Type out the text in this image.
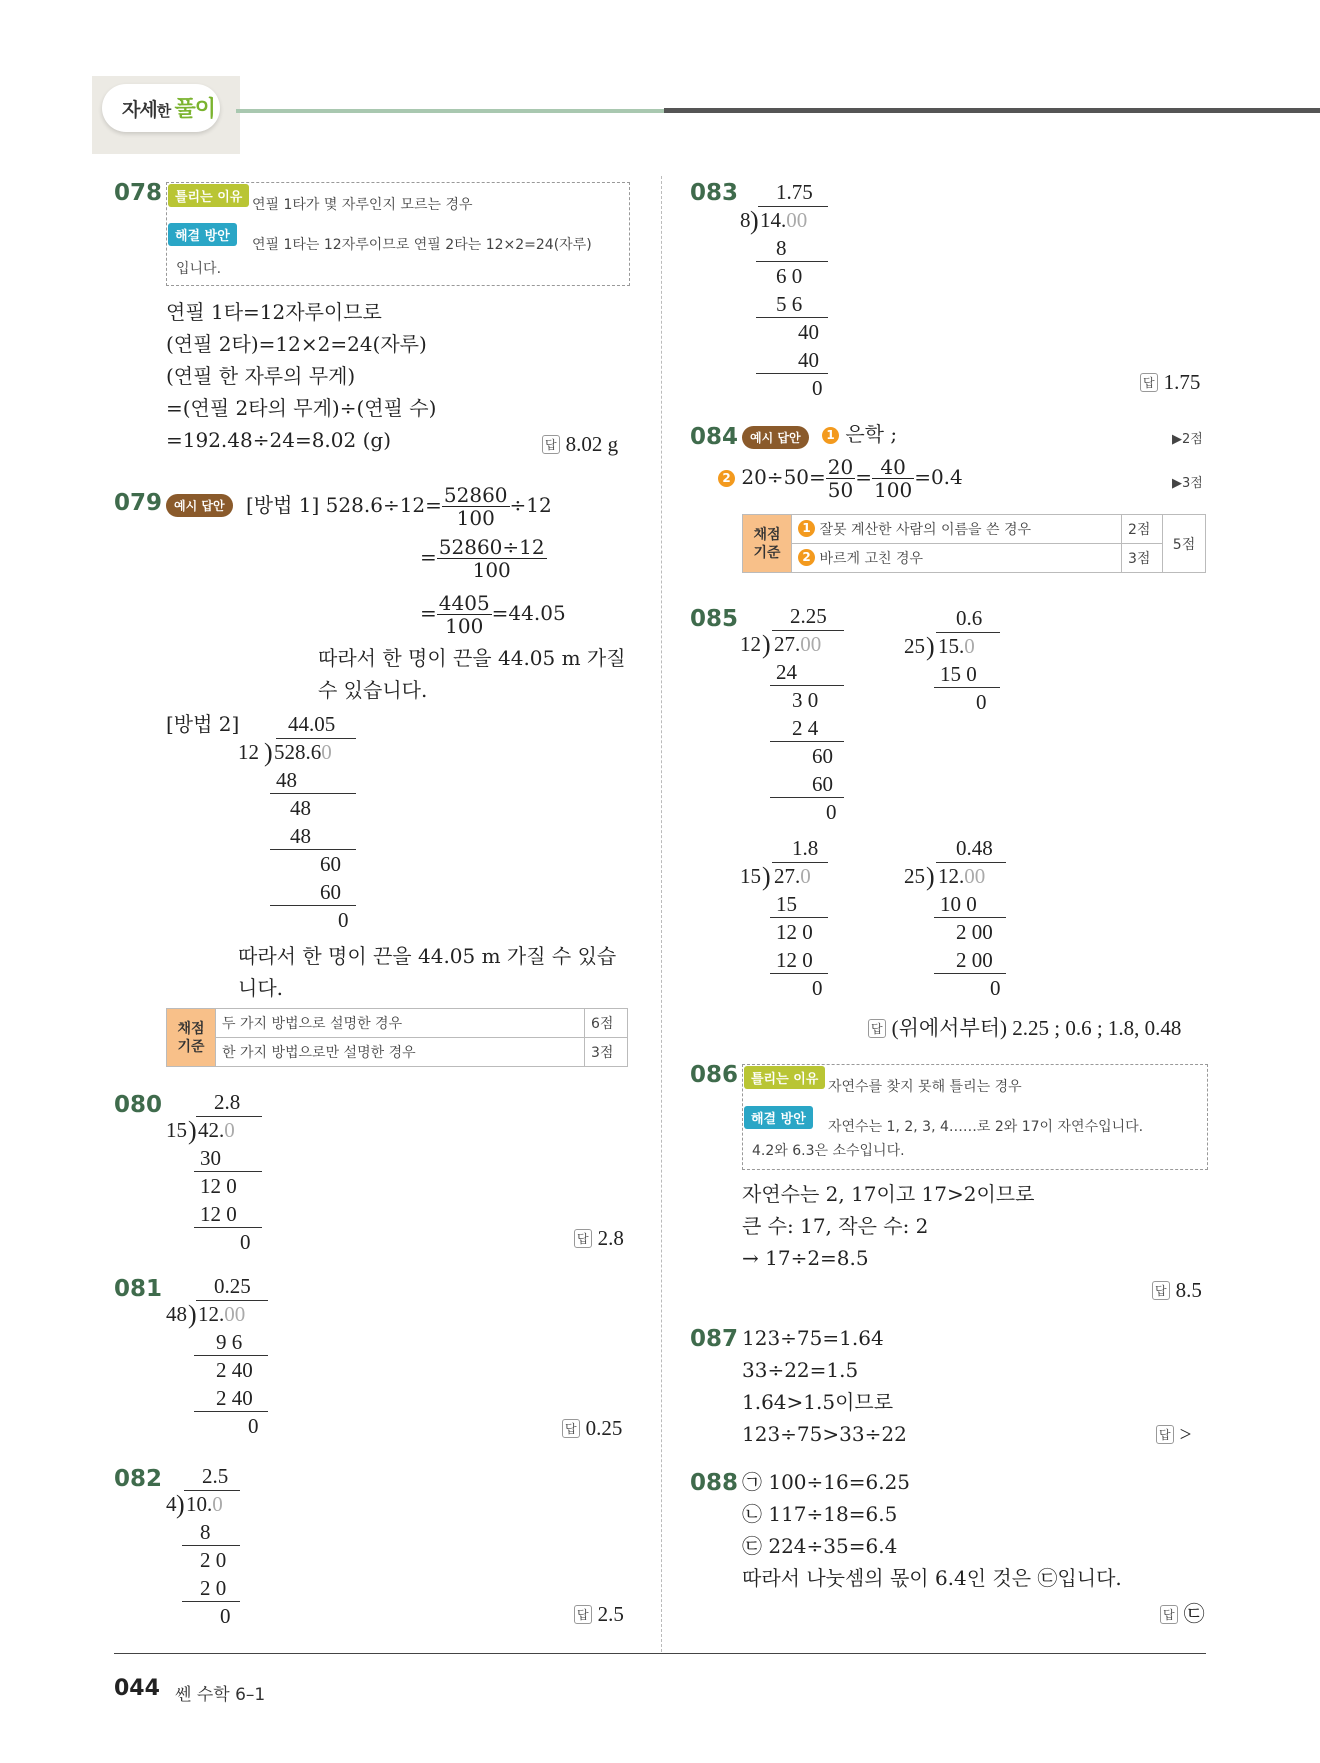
자세한 풀이
078 틀리는 이유 연필 1타가 몇 자루인지 모르는 경우
해결 방안
연필 1타는 12자루이므로 연필 2타는 12×2=24(자루)
입니다.
연필 1타=12자루이므로
(연필 2타)=12×2=24(자루)
(연필 한 자루의 무게)
=(연필 2타의 무게)÷(연필 수)
=192.48÷24=8.02 (g)	답 8.02 g
079 예시 답안	[방법 1] $528.6\div 12= \frac{52860}{100} \div 12$
= $\frac{52860\div 12}{100}$
= $\frac{4405}{100} =44.05$
따라서 한 명이 끈을 44.05 m 가질
수 있습니다.
[방법 2] 44.05
12 ) 528.60
48
48
48
60
60
0
따라서 한 명이 끈을 44.05 m 가질 수 있습
니다.
채점
기준	두 가지 방법으로 설명한 경우	6점
	한 가지 방법으로만 설명한 경우	3점
080 2.8
15 ) 42.0
30
12 0
12 0
0	답 2.8
081 0.25
48 ) 12.00
9 6
2 40
2 40
0	답 0.25
082 2.5
4 ) 10.0
8
2 0
2 0
0	답 2.5
083 1.75
8 ) 14.00
8
6 0
5 6
40
40
0	답 1.75
084 예시 답안	1 은학 ;	▶2점
2 $20\div 50= \frac{20}{50} = \frac{40}{100} =0.4$	▶3점
채점
기준	1 잘못 계산한 사람의 이름을 쓴 경우	2점	5점
	2 바르게 고친 경우	3점	
085 2.25
12 ) 27.00
24
3 0
2 4
60
60
0
0.6
25 ) 15.0
15 0
0
1.8
15 ) 27.0
15
12 0
12 0
0
0.48
25 ) 12.00
10 0
2 00
2 00
0
답 (위에서부터) 2.25 ; 0.6 ; 1.8, 0.48
086 틀리는 이유 자연수를 찾지 못해 틀리는 경우
해결 방안	자연수는 1, 2, 3, 4……로 2와 17이 자연수입니다.
4.2와 6.3은 소수입니다.
자연수는 2, 17이고 17>2이므로
큰 수: 17, 작은 수: 2
→ 17÷2=8.5
답 8.5
087 123÷75=1.64
33÷22=1.5
1.64>1.5이므로
123÷75>33÷22	답 >
088 ㉠ 100÷16=6.25
㉡ 117÷18=6.5
㉢ 224÷35=6.4
따라서 나눗셈의 몫이 6.4인 것은 ㉢입니다.
답 ㉢
044 쎈 수학 6–1
